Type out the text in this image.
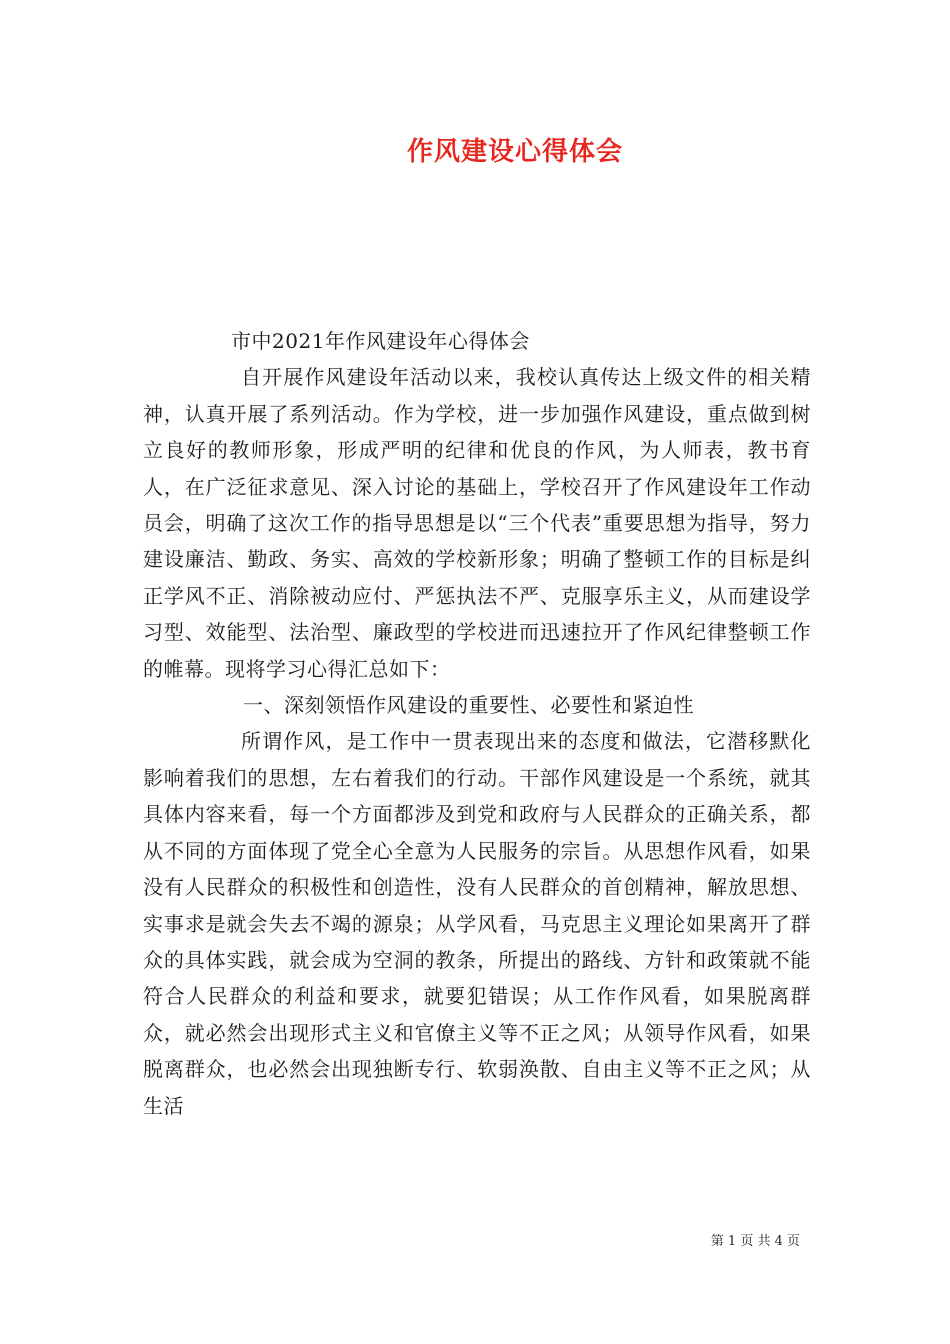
作风建设心得体会

市中2021年作风建设年心得体会

自开展作风建设年活动以来，我校认真传达上级文件的相关精神，认真开展了系列活动。作为学校，进一步加强作风建设，重点做到树立良好的教师形象，形成严明的纪律和优良的作风，为人师表，教书育人，在广泛征求意见、深入讨论的基础上，学校召开了作风建设年工作动员会，明确了这次工作的指导思想是以“三个代表”重要思想为指导，努力建设廉洁、勤政、务实、高效的学校新形象；明确了整顿工作的目标是纠正学风不正、消除被动应付、严惩执法不严、克服享乐主义，从而建设学习型、效能型、法治型、廉政型的学校进而迅速拉开了作风纪律整顿工作的帷幕。现将学习心得汇总如下：

一、深刻领悟作风建设的重要性、必要性和紧迫性

所谓作风，是工作中一贯表现出来的态度和做法，它潜移默化影响着我们的思想，左右着我们的行动。干部作风建设是一个系统，就其具体内容来看，每一个方面都涉及到党和政府与人民群众的正确关系，都从不同的方面体现了党全心全意为人民服务的宗旨。从思想作风看，如果没有人民群众的积极性和创造性，没有人民群众的首创精神，解放思想、实事求是就会失去不竭的源泉；从学风看，马克思主义理论如果离开了群众的具体实践，就会成为空洞的教条，所提出的路线、方针和政策就不能符合人民群众的利益和要求，就要犯错误；从工作作风看，如果脱离群众，就必然会出现形式主义和官僚主义等不正之风；从领导作风看，如果脱离群众，也必然会出现独断专行、软弱涣散、自由主义等不正之风；从生活

第 1 页 共 4 页
